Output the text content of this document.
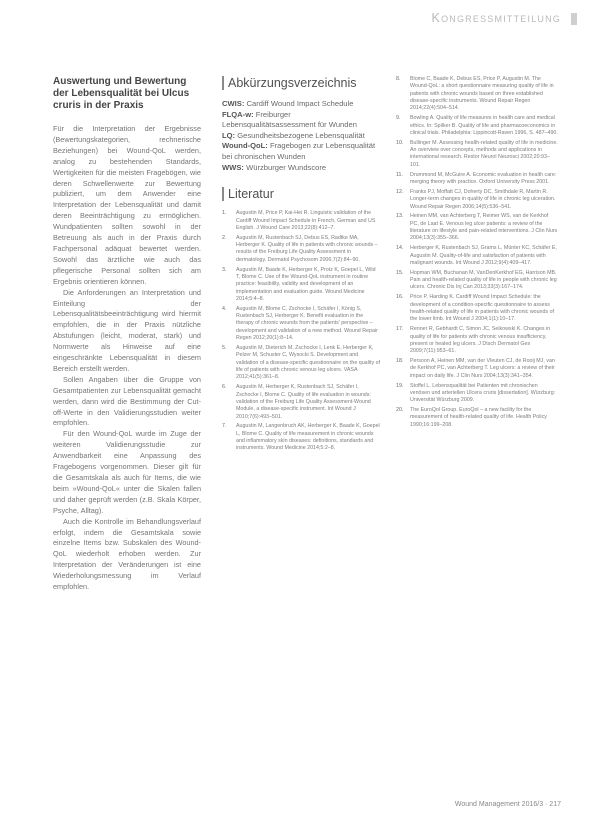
Kongressmitteilung
Auswertung und Bewertung der Lebensqualität bei Ulcus cruris in der Praxis

Für die Interpretation der Ergebnisse (Bewertungskategorien, rechnerische Beziehungen) bei Wound-QoL werden, analog zu bestehenden Standards, Wertigkeiten für die meisten Fragebögen, wie deren Schwellenwerte zur Bewertung publiziert, um dem Anwender eine Interpretation der Lebensqualität und damit deren Beeinträchtigung zu ermöglichen. Wundpatienten sollten sowohl in der Betreuung als auch in der Praxis durch Fachpersonal adäquat bewertet werden. Sowohl das ärztliche wie auch das pflegerische Personal sollten sich am Ergebnis orientieren können.

Die Anforderungen an Interpretation und Einteilung der Lebensqualitätsbeeinträchtigung wird hiermit empfohlen, die in der Praxis nützliche Abstufungen (leicht, moderat, stark) und Normwerte als Hinweise auf eine eingeschränkte Lebensqualität in diesem Bereich erstellt werden.

Sollen Angaben über die Gruppe von Gesamtpatienten zur Lebensqualität gemacht werden, dann wird die Bestimmung der Cut-off-Werte in den Validierungsstudien weiter empfohlen.

Für den Wound-QoL wurde im Zuge der weiteren Validierungsstudie zur Anwendbarkeit eine Anpassung des Fragebogens vorgenommen. Dieser gilt für die Gesamtskala als auch für Items, die wie beim »Wound-QoL« unter die Skalen fallen und daher geprüft werden (z.B. Skala Körper, Psyche, Alltag).

Auch die Kontrolle im Behandlungsverlauf erfolgt, indem die Gesamtskala sowie einzelne Items bzw. Subskalen des Wound-QoL wiederholt erhoben werden. Zur Interpretation der Veränderungen ist eine Wiederholungsmessung im Verlauf empfohlen.

Abkürzungsverzeichnis
CWIS: Cardiff Wound Impact Schedule
FLQA-w: Freiburger Lebensqualitätsassessment für Wunden
LQ: Gesundheitsbezogene Lebensqualität
Wound-QoL: Fragebogen zur Lebensqualität bei chronischen Wunden
WWS: Würzburger Wundscore
Literatur
1.	Augustin M, Price P, Kai-Hei R. Linguistic validation of the Cardiff Wound Impact Schedule in French, German and US English. J Wound Care 2013;22(8):412–7.
2.	Augustin M, Rustenbach SJ, Debus ES, Radtke MA, Herberger K. Quality of life in patients with chronic wounds – results of the Freiburg Life Quality Assessment in dermatology. Dermatol Psychosom 2006;7(2):84–90.
3.	Augustin M, Baade K, Herberger K, Protz K, Goepel L, Wild T, Blome C. Use of the Wound-QoL instrument in routine practice: feasibility, validity and development of an implementation and evaluation guide. Wound Medicine 2014;5:4–8.
4.	Augustin M, Blome C, Zschocke I, Schäfer I, König S, Rustenbach SJ, Herberger K. Benefit evaluation in the therapy of chronic wounds from the patients' perspective – development and validation of a new method. Wound Repair Regen 2012;20(1):8–14.
5.	Augustin M, Dieterich M, Zschocke I, Lenk E, Herberger K, Pelzer M, Schuster C, Wysocki S. Development and validation of a disease-specific questionnaire on the quality of life of patients with chronic venous leg ulcers. VASA 2012;41(5):361–8.
6.	Augustin M, Herberger K, Rustenbach SJ, Schäfer I, Zschocke I, Blome C. Quality of life evaluation in wounds: validation of the Freiburg Life Quality Assessment-Wound Module, a disease-specific instrument. Int Wound J 2010;7(6):493–501.
7.	Augustin M, Langenbruch AK, Herberger K, Baade K, Goepel L, Blome C. Quality of life measurement in chronic wounds and inflammatory skin diseases: definitions, standards and instruments. Wound Medicine 2014;5:2–8.
8.	Blome C, Baade K, Debus ES, Price P, Augustin M. The Wound-QoL: a short questionnaire measuring quality of life in patients with chronic wounds based on three established disease-specific instruments. Wound Repair Regen 2014;22(4):504–514.
9.	Bowling A. Quality of life measures in health care and medical ethics. In: Spilker B. Quality of life and pharmacoeconomics in clinical trials. Philadelphia: Lippincott-Raven 1996, S. 487–490.
10.	Bullinger M. Assessing health-related quality of life in medicine. An overview over concepts, methods and applications in international research. Restor Neurol Neurosci 2002;20:93–101.
11.	Drummond M, McGuire A. Economic evaluation in health care: merging theory with practice. Oxford University Press 2001.
12.	Franks PJ, Moffatt CJ, Doherty DC, Smithdale R, Martin R. Longer-term changes in quality of life in chronic leg ulceration. Wound Repair Regen 2006;14(5):536–541.
13.	Heinen MM, van Achterberg T, Reimer WS, van de Kerkhof PC, de Laat E. Venous leg ulcer patients: a review of the literature on lifestyle and pain-related interventions. J Clin Nurs 2004;13(3):355–366.
14.	Herberger K, Rustenbach SJ, Grams L, Münter KC, Schäfer E, Augustin M. Quality-of-life and satisfaction of patients with malignant wounds. Int Wound J 2012;9(4):409–417.
15.	Hopman WM, Buchanan M, VanDenKerkhof EG, Harrison MB. Pain and health-related quality of life in people with chronic leg ulcers. Chronic Dis Inj Can 2013;33(3):167–174.
16.	Price P, Harding K. Cardiff Wound Impact Schedule: the development of a condition-specific questionnaire to assess health-related quality of life in patients with chronic wounds of the lower limb. Int Wound J 2004;1(1):10–17.
17.	Renner R, Gebhardt C, Simon JC, Seikowski K. Changes in quality of life for patients with chronic venous insufficiency, present or healed leg ulcers. J Dtsch Dermatol Ges 2009;7(11):953–61.
18.	Persoon A, Heinen MM, van der Vleuten CJ, de Rooij MJ, van de Kerkhof PC, van Achterberg T. Leg ulcers: a review of their impact on daily life. J Clin Nurs 2004;13(3):341–354.
19.	Stoffel L. Lebensqualität bei Patienten mit chronischen venösen und arteriellen Ulcera cruris [dissertation]. Würzburg: Universität Würzburg 2009.
20.	The EuroQol Group. EuroQol – a new facility for the measurement of health-related quality of life. Health Policy 1990;16:199–208.
Wound Management 2016/3 · 217
